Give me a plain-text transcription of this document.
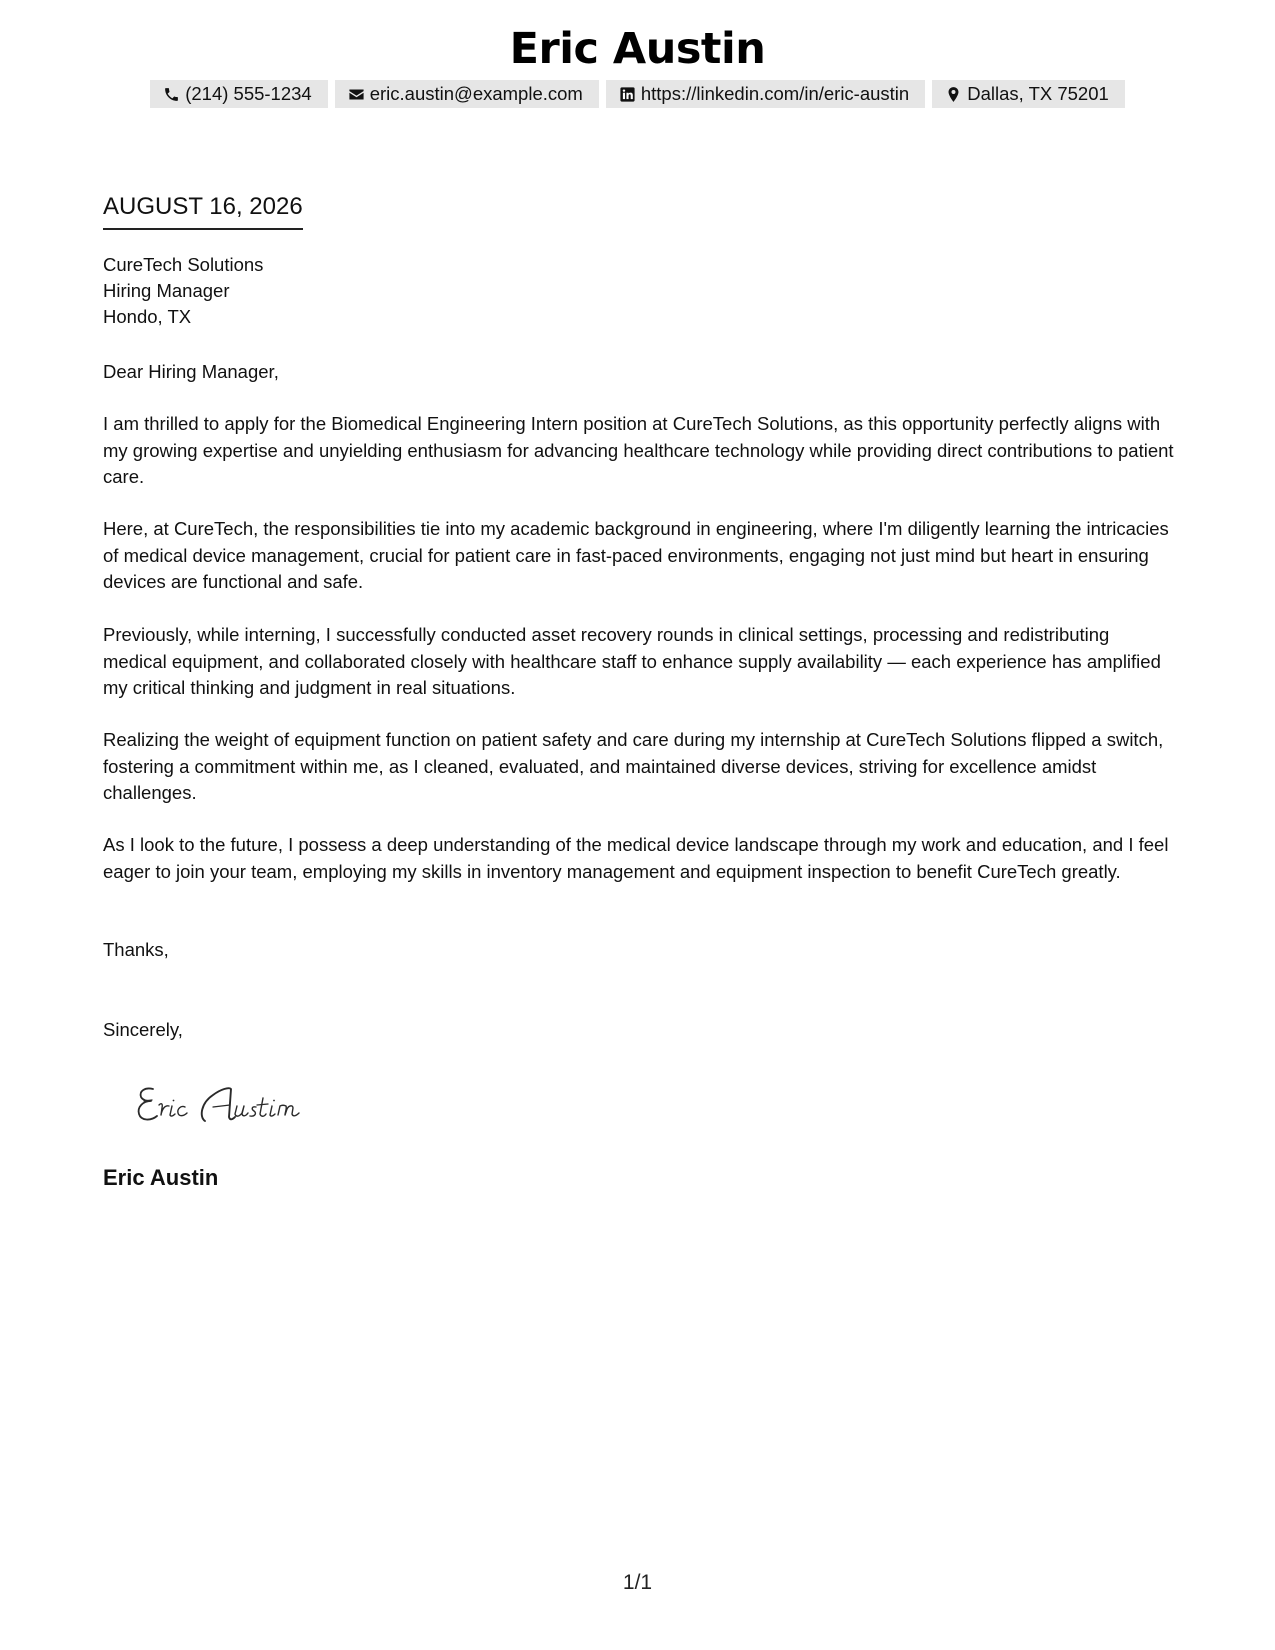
Eric Austin
(214) 555-1234	eric.austin@example.com	https://linkedin.com/in/eric-austin	Dallas, TX 75201
AUGUST 16, 2026
CureTech Solutions
Hiring Manager
Hondo, TX

Dear Hiring Manager,

I am thrilled to apply for the Biomedical Engineering Intern position at CureTech Solutions, as this opportunity perfectly aligns with my growing expertise and unyielding enthusiasm for advancing healthcare technology while providing direct contributions to patient care.

Here, at CureTech, the responsibilities tie into my academic background in engineering, where I'm diligently learning the intricacies of medical device management, crucial for patient care in fast-paced environments, engaging not just mind but heart in ensuring devices are functional and safe.

Previously, while interning, I successfully conducted asset recovery rounds in clinical settings, processing and redistributing medical equipment, and collaborated closely with healthcare staff to enhance supply availability — each experience has amplified my critical thinking and judgment in real situations.

Realizing the weight of equipment function on patient safety and care during my internship at CureTech Solutions flipped a switch, fostering a commitment within me, as I cleaned, evaluated, and maintained diverse devices, striving for excellence amidst challenges.

As I look to the future, I possess a deep understanding of the medical device landscape through my work and education, and I feel eager to join your team, employing my skills in inventory management and equipment inspection to benefit CureTech greatly.

Thanks,

Sincerely,

Eric Austin
1/1
